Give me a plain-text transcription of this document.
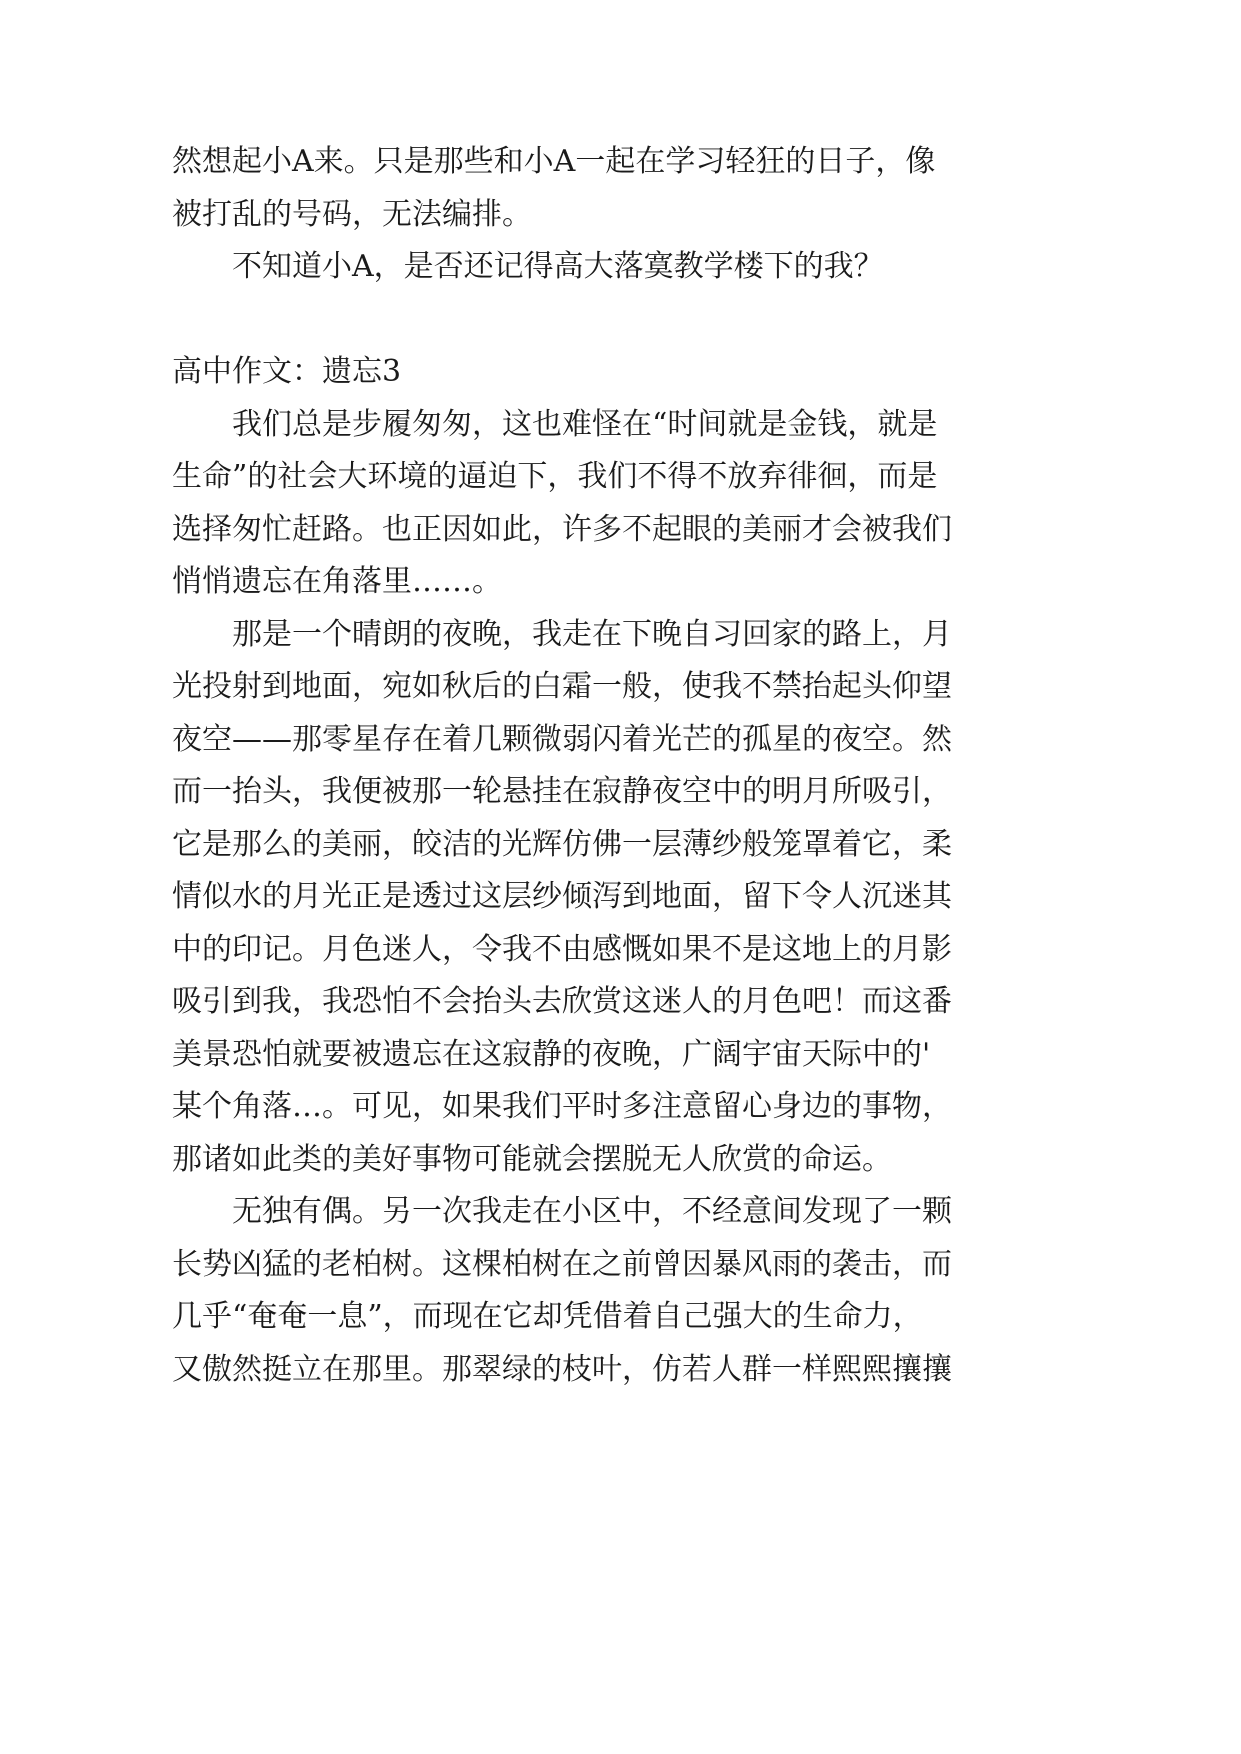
然想起小A来。只是那些和小A一起在学习轻狂的日子，像
被打乱的号码，无法编排。
不知道小A，是否还记得高大落寞教学楼下的我？
高中作文：遗忘3
我们总是步履匆匆，这也难怪在“时间就是金钱，就是
生命”的社会大环境的逼迫下，我们不得不放弃徘徊，而是
选择匆忙赶路。也正因如此，许多不起眼的美丽才会被我们
悄悄遗忘在角落里……。
那是一个晴朗的夜晚，我走在下晚自习回家的路上，月
光投射到地面，宛如秋后的白霜一般，使我不禁抬起头仰望
夜空——那零星存在着几颗微弱闪着光芒的孤星的夜空。然
而一抬头，我便被那一轮悬挂在寂静夜空中的明月所吸引，
它是那么的美丽，皎洁的光辉仿佛一层薄纱般笼罩着它，柔
情似水的月光正是透过这层纱倾泻到地面，留下令人沉迷其
中的印记。月色迷人，令我不由感慨如果不是这地上的月影
吸引到我，我恐怕不会抬头去欣赏这迷人的月色吧！而这番
美景恐怕就要被遗忘在这寂静的夜晚，广阔宇宙天际中的'
某个角落…。可见，如果我们平时多注意留心身边的事物，
那诸如此类的美好事物可能就会摆脱无人欣赏的命运。
无独有偶。另一次我走在小区中，不经意间发现了一颗
长势凶猛的老柏树。这棵柏树在之前曾因暴风雨的袭击，而
几乎“奄奄一息”，而现在它却凭借着自己强大的生命力，
又傲然挺立在那里。那翠绿的枝叶，仿若人群一样熙熙攘攘
